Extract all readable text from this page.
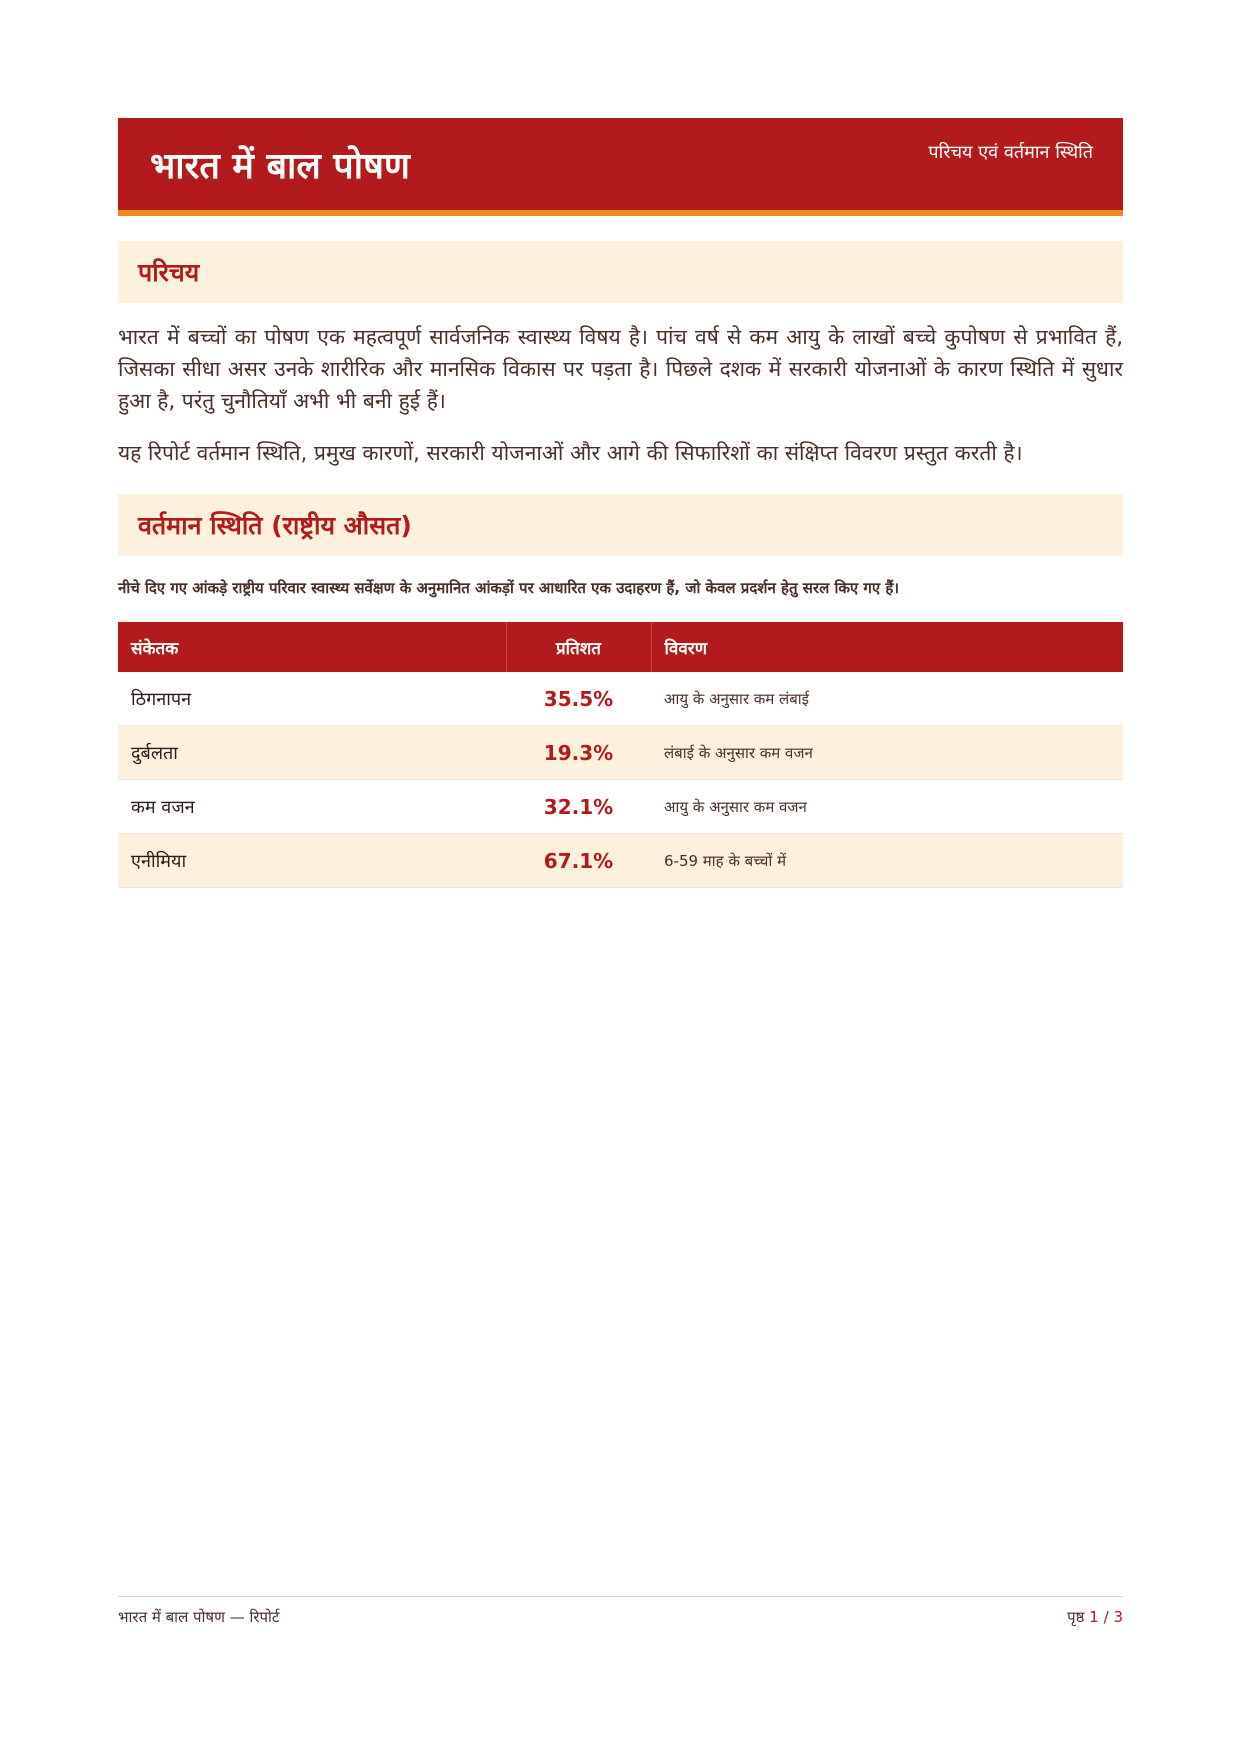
भारत में बाल पोषण	परिचय एवं वर्तमान स्थिति
परिचय

भारत में बच्चों का पोषण एक महत्वपूर्ण सार्वजनिक स्वास्थ्य विषय है। पांच वर्ष से कम आयु के लाखों बच्चे कुपोषण से प्रभावित हैं, जिसका सीधा असर उनके शारीरिक और मानसिक विकास पर पड़ता है। पिछले दशक में सरकारी योजनाओं के कारण स्थिति में सुधार हुआ है, परंतु चुनौतियाँ अभी भी बनी हुई हैं।

यह रिपोर्ट वर्तमान स्थिति, प्रमुख कारणों, सरकारी योजनाओं और आगे की सिफारिशों का संक्षिप्त विवरण प्रस्तुत करती है।

वर्तमान स्थिति (राष्ट्रीय औसत)

नीचे दिए गए आंकड़े राष्ट्रीय परिवार स्वास्थ्य सर्वेक्षण के अनुमानित आंकड़ों पर आधारित एक उदाहरण हैं, जो केवल प्रदर्शन हेतु सरल किए गए हैं।

संकेतक	प्रतिशत	विवरण
ठिगनापन	35.5%	आयु के अनुसार कम लंबाई
दुर्बलता	19.3%	लंबाई के अनुसार कम वजन
कम वजन	32.1%	आयु के अनुसार कम वजन
एनीमिया	67.1%	6-59 माह के बच्चों में
भारत में बाल पोषण — रिपोर्ट	पृष्ठ 1 / 3
